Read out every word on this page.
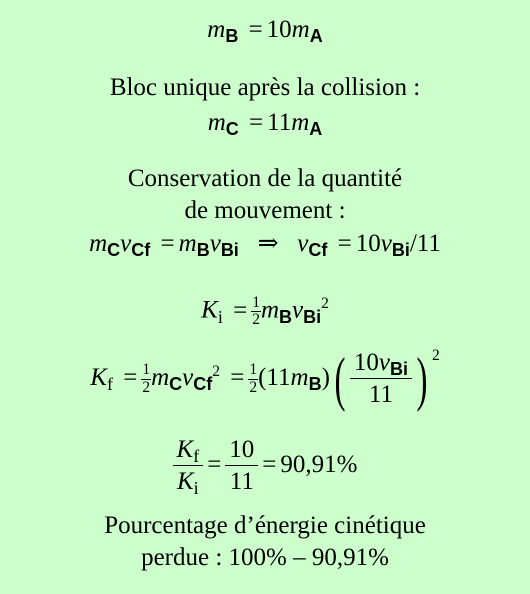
$m_B = 10m_A$
Bloc unique après la collision :
$m_C = 11m_A$
Conservation de la quantité
de mouvement :
$m_Cv_{Cf} = m_Bv_{Bi}$ ⇒ $v_{Cf} = 10v_{Bi}/11$
$K_i = \frac{1}{2} m_Bv_{Bi}^2$
$K_f = \frac{1}{2} m_Cv_{Cf}^2 = \frac{1}{2} (11m_B)$( $10v_{Bi}$
11 ) $^2$
$\frac{K_f}{K_i} = \frac{10}{11} = 90,91\%$
Pourcentage d’énergie cinétique
perdue : 100% – 90,91%
